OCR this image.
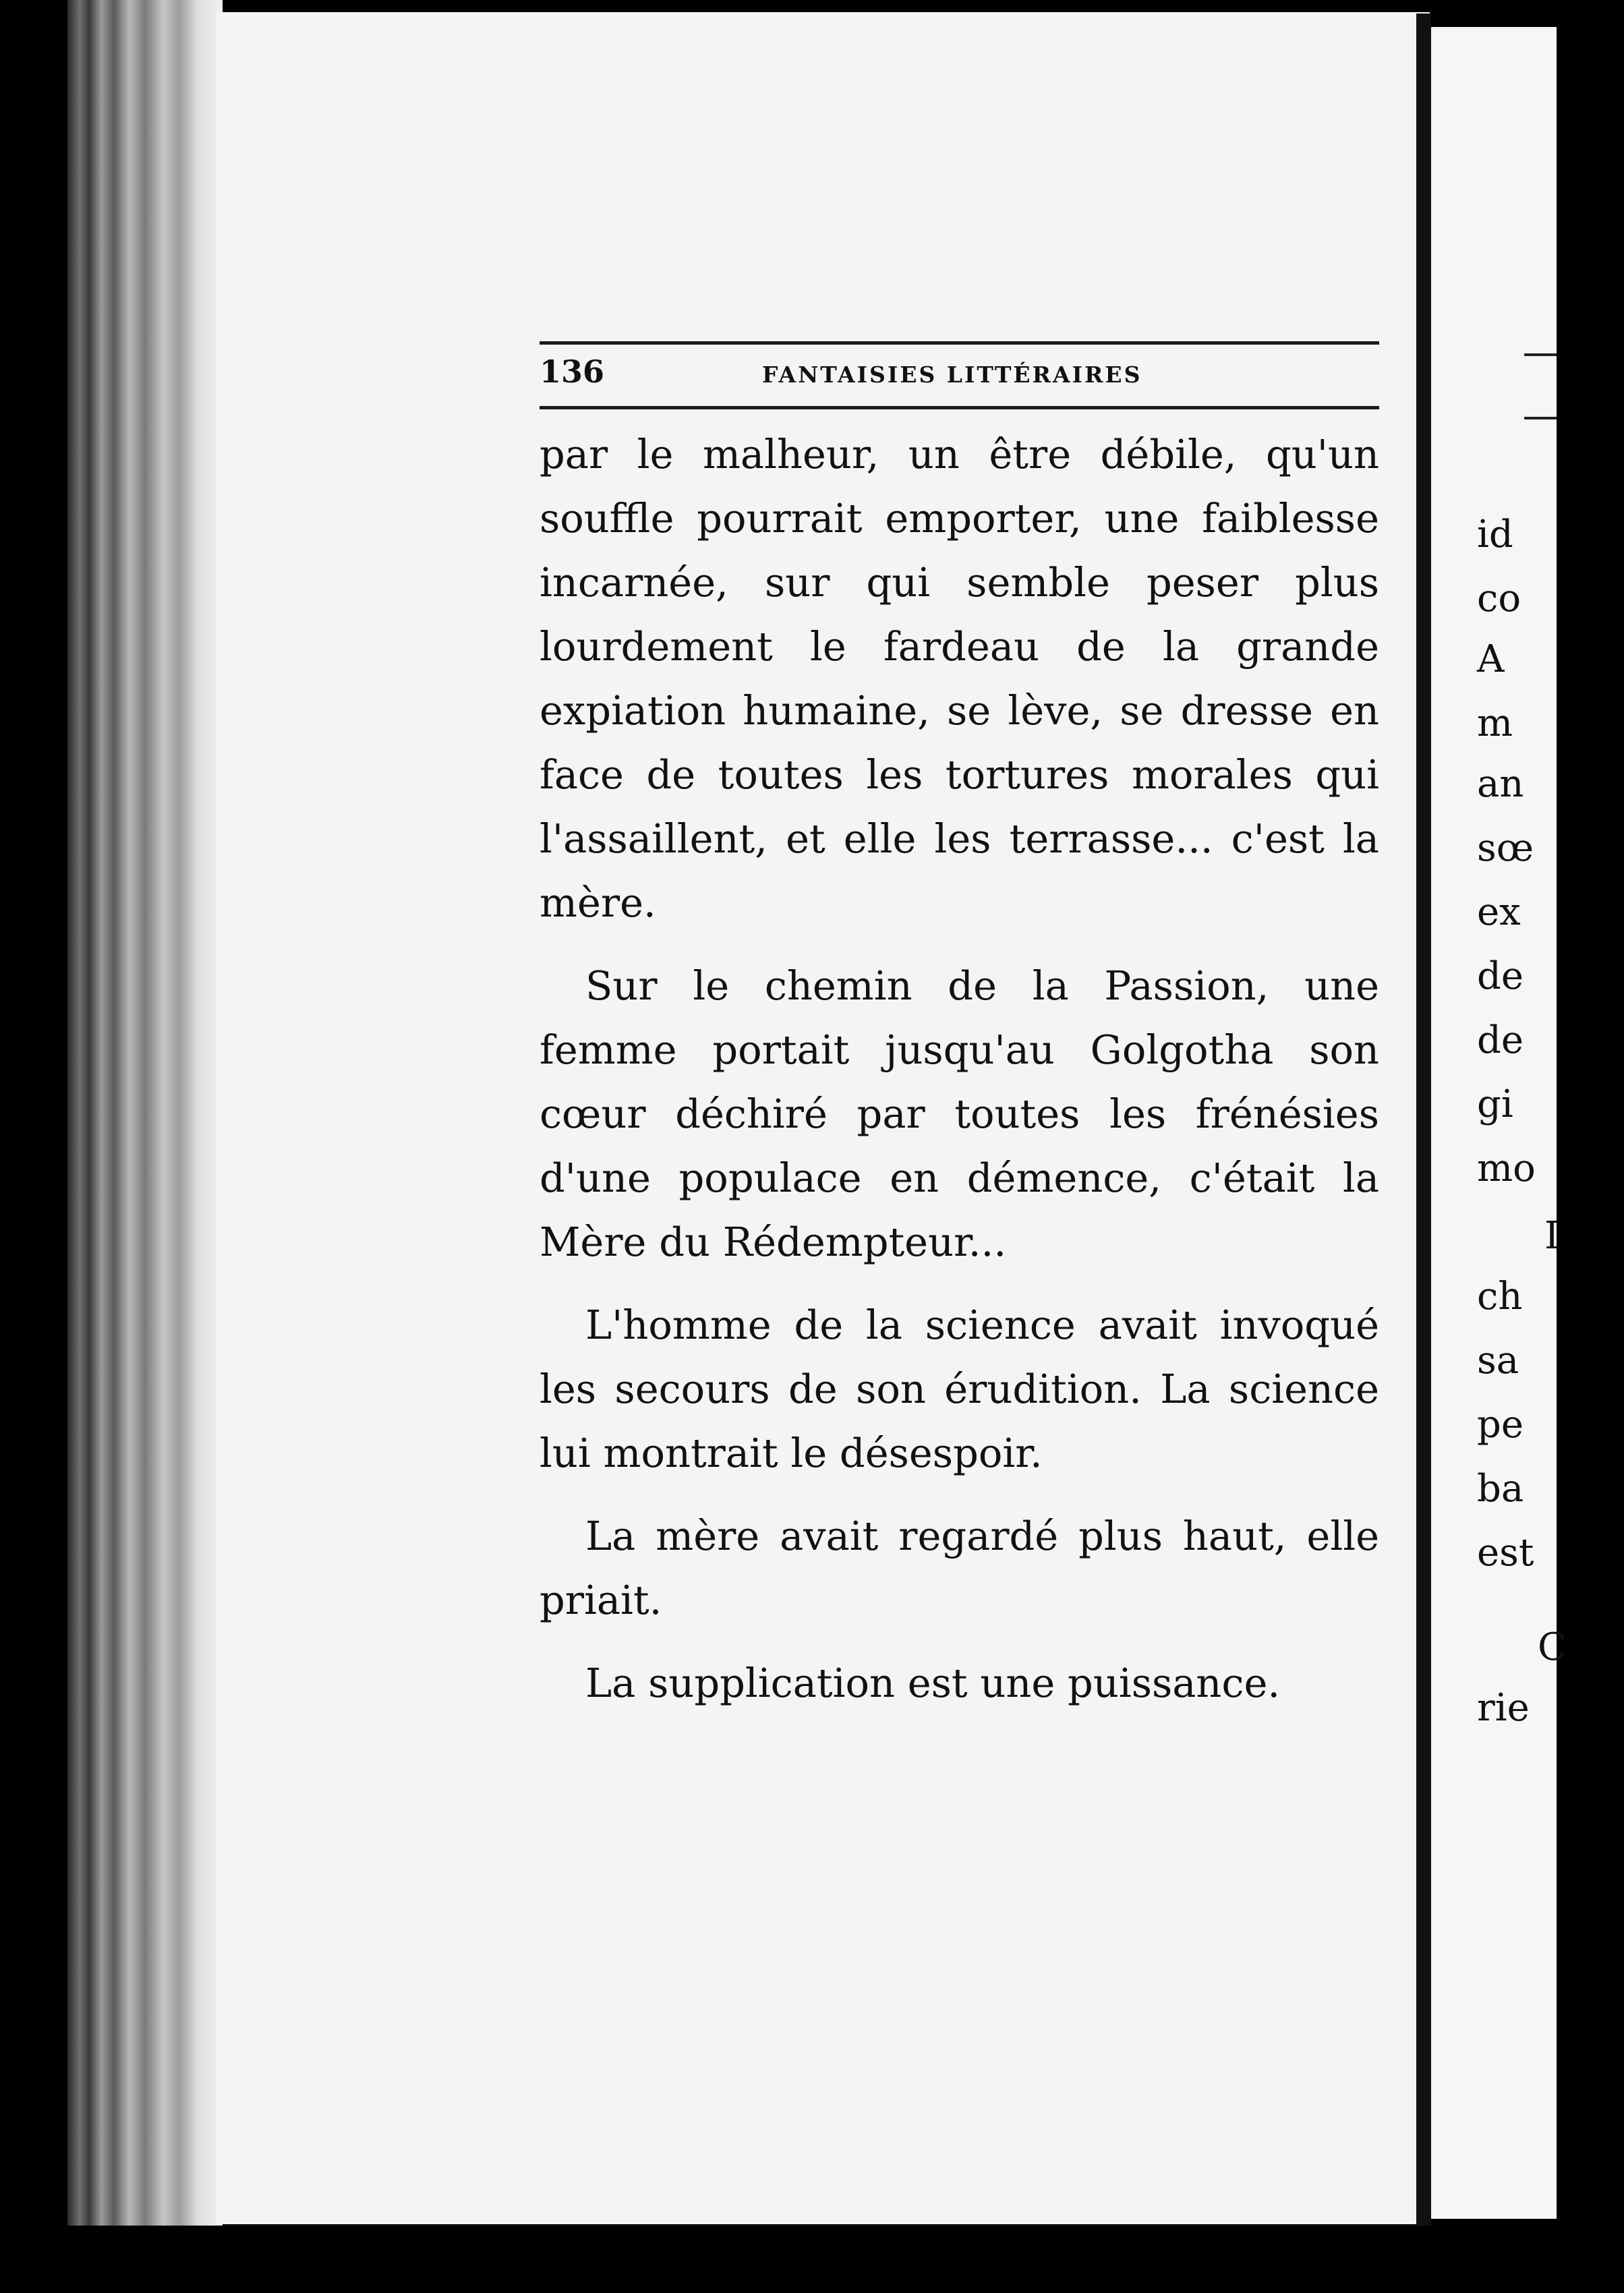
136	FANTAISIES LITTÉRAIRES

par le malheur, un être débile, qu'un souffle pourrait emporter, une faiblesse incarnée, sur qui semble peser plus lourdement le fardeau de la grande expiation humaine, se lève, se dresse en face de toutes les tortures morales qui l'assaillent, et elle les terrasse... c'est la mère.

Sur le chemin de la Passion, une femme portait jusqu'au Golgotha son cœur déchiré par toutes les frénésies d'une populace en démence, c'était la Mère du Rédempteur...

L'homme de la science avait invoqué les secours de son érudition. La science lui montrait le désespoir.

La mère avait regardé plus haut, elle priait.

La supplication est une puissance.

id
co
A
m
an
sœ
ex
de
de
gi
mo
I
ch
sa
pe
ba
est
C
rie
